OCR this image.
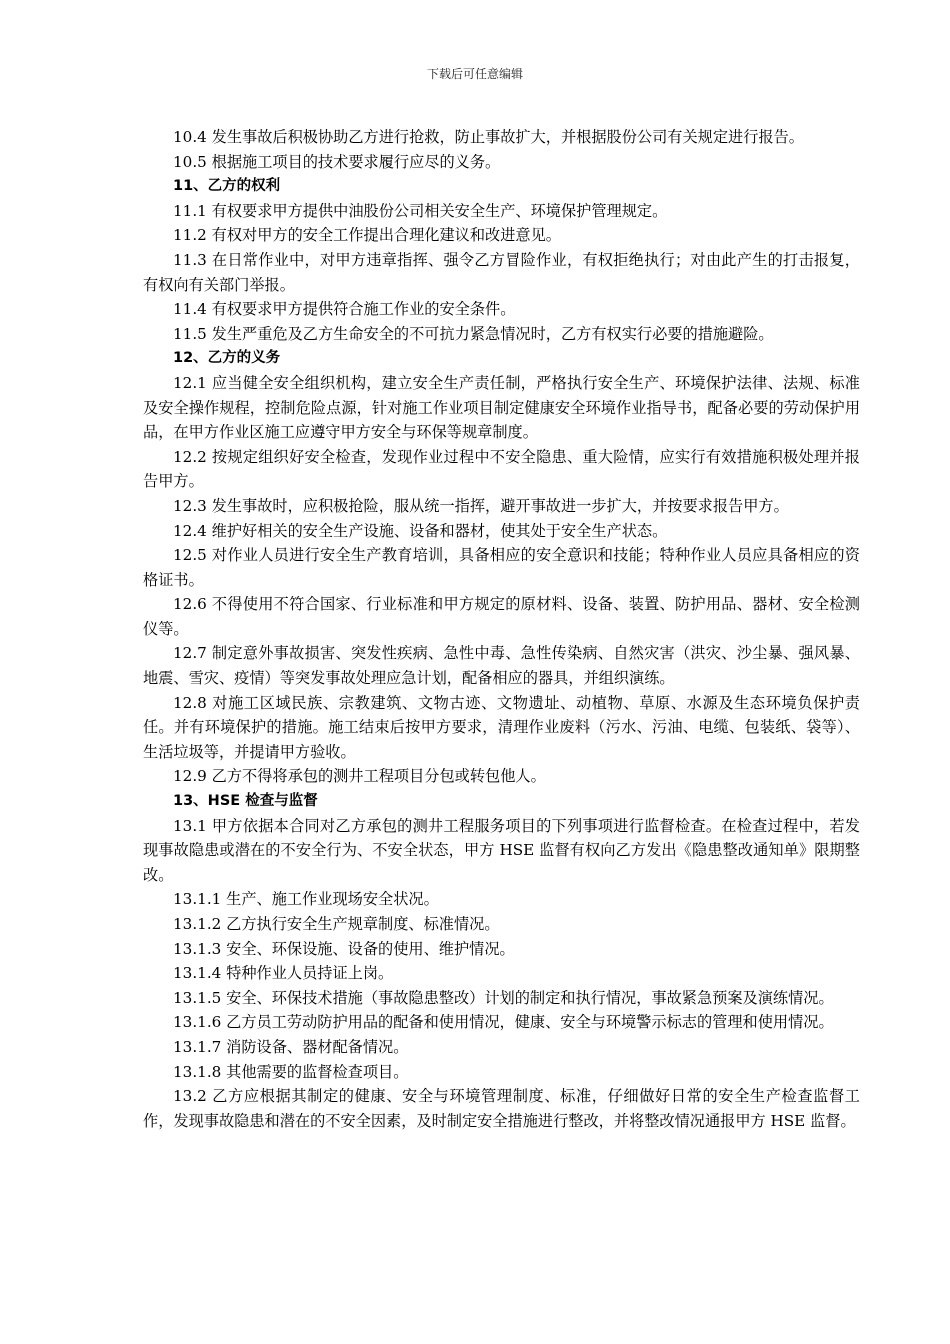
下载后可任意编辑

10.4 发生事故后积极协助乙方进行抢救，防止事故扩大，并根据股份公司有关规定进行报告。

10.5 根据施工项目的技术要求履行应尽的义务。

11、乙方的权利

11.1 有权要求甲方提供中油股份公司相关安全生产、环境保护管理规定。

11.2 有权对甲方的安全工作提出合理化建议和改进意见。

11.3 在日常作业中，对甲方违章指挥、强令乙方冒险作业，有权拒绝执行；对由此产生的打击报复，有权向有关部门举报。

11.4 有权要求甲方提供符合施工作业的安全条件。

11.5 发生严重危及乙方生命安全的不可抗力紧急情况时，乙方有权实行必要的措施避险。

12、乙方的义务

12.1 应当健全安全组织机构，建立安全生产责任制，严格执行安全生产、环境保护法律、法规、标准及安全操作规程，控制危险点源，针对施工作业项目制定健康安全环境作业指导书，配备必要的劳动保护用品，在甲方作业区施工应遵守甲方安全与环保等规章制度。

12.2 按规定组织好安全检查，发现作业过程中不安全隐患、重大险情，应实行有效措施积极处理并报告甲方。

12.3 发生事故时，应积极抢险，服从统一指挥，避开事故进一步扩大，并按要求报告甲方。

12.4 维护好相关的安全生产设施、设备和器材，使其处于安全生产状态。

12.5 对作业人员进行安全生产教育培训，具备相应的安全意识和技能；特种作业人员应具备相应的资格证书。

12.6 不得使用不符合国家、行业标准和甲方规定的原材料、设备、装置、防护用品、器材、安全检测仪等。

12.7 制定意外事故损害、突发性疾病、急性中毒、急性传染病、自然灾害（洪灾、沙尘暴、强风暴、地震、雪灾、疫情）等突发事故处理应急计划，配备相应的器具，并组织演练。

12.8 对施工区域民族、宗教建筑、文物古迹、文物遗址、动植物、草原、水源及生态环境负保护责任。并有环境保护的措施。施工结束后按甲方要求，清理作业废料（污水、污油、电缆、包装纸、袋等）、生活垃圾等，并提请甲方验收。

12.9 乙方不得将承包的测井工程项目分包或转包他人。

13、HSE 检查与监督

13.1 甲方依据本合同对乙方承包的测井工程服务项目的下列事项进行监督检查。在检查过程中，若发现事故隐患或潜在的不安全行为、不安全状态，甲方 HSE 监督有权向乙方发出《隐患整改通知单》限期整改。

13.1.1 生产、施工作业现场安全状况。

13.1.2 乙方执行安全生产规章制度、标准情况。

13.1.3 安全、环保设施、设备的使用、维护情况。

13.1.4 特种作业人员持证上岗。

13.1.5 安全、环保技术措施（事故隐患整改）计划的制定和执行情况，事故紧急预案及演练情况。

13.1.6 乙方员工劳动防护用品的配备和使用情况，健康、安全与环境警示标志的管理和使用情况。

13.1.7 消防设备、器材配备情况。

13.1.8 其他需要的监督检查项目。

13.2 乙方应根据其制定的健康、安全与环境管理制度、标准，仔细做好日常的安全生产检查监督工作，发现事故隐患和潜在的不安全因素，及时制定安全措施进行整改，并将整改情况通报甲方 HSE 监督。
